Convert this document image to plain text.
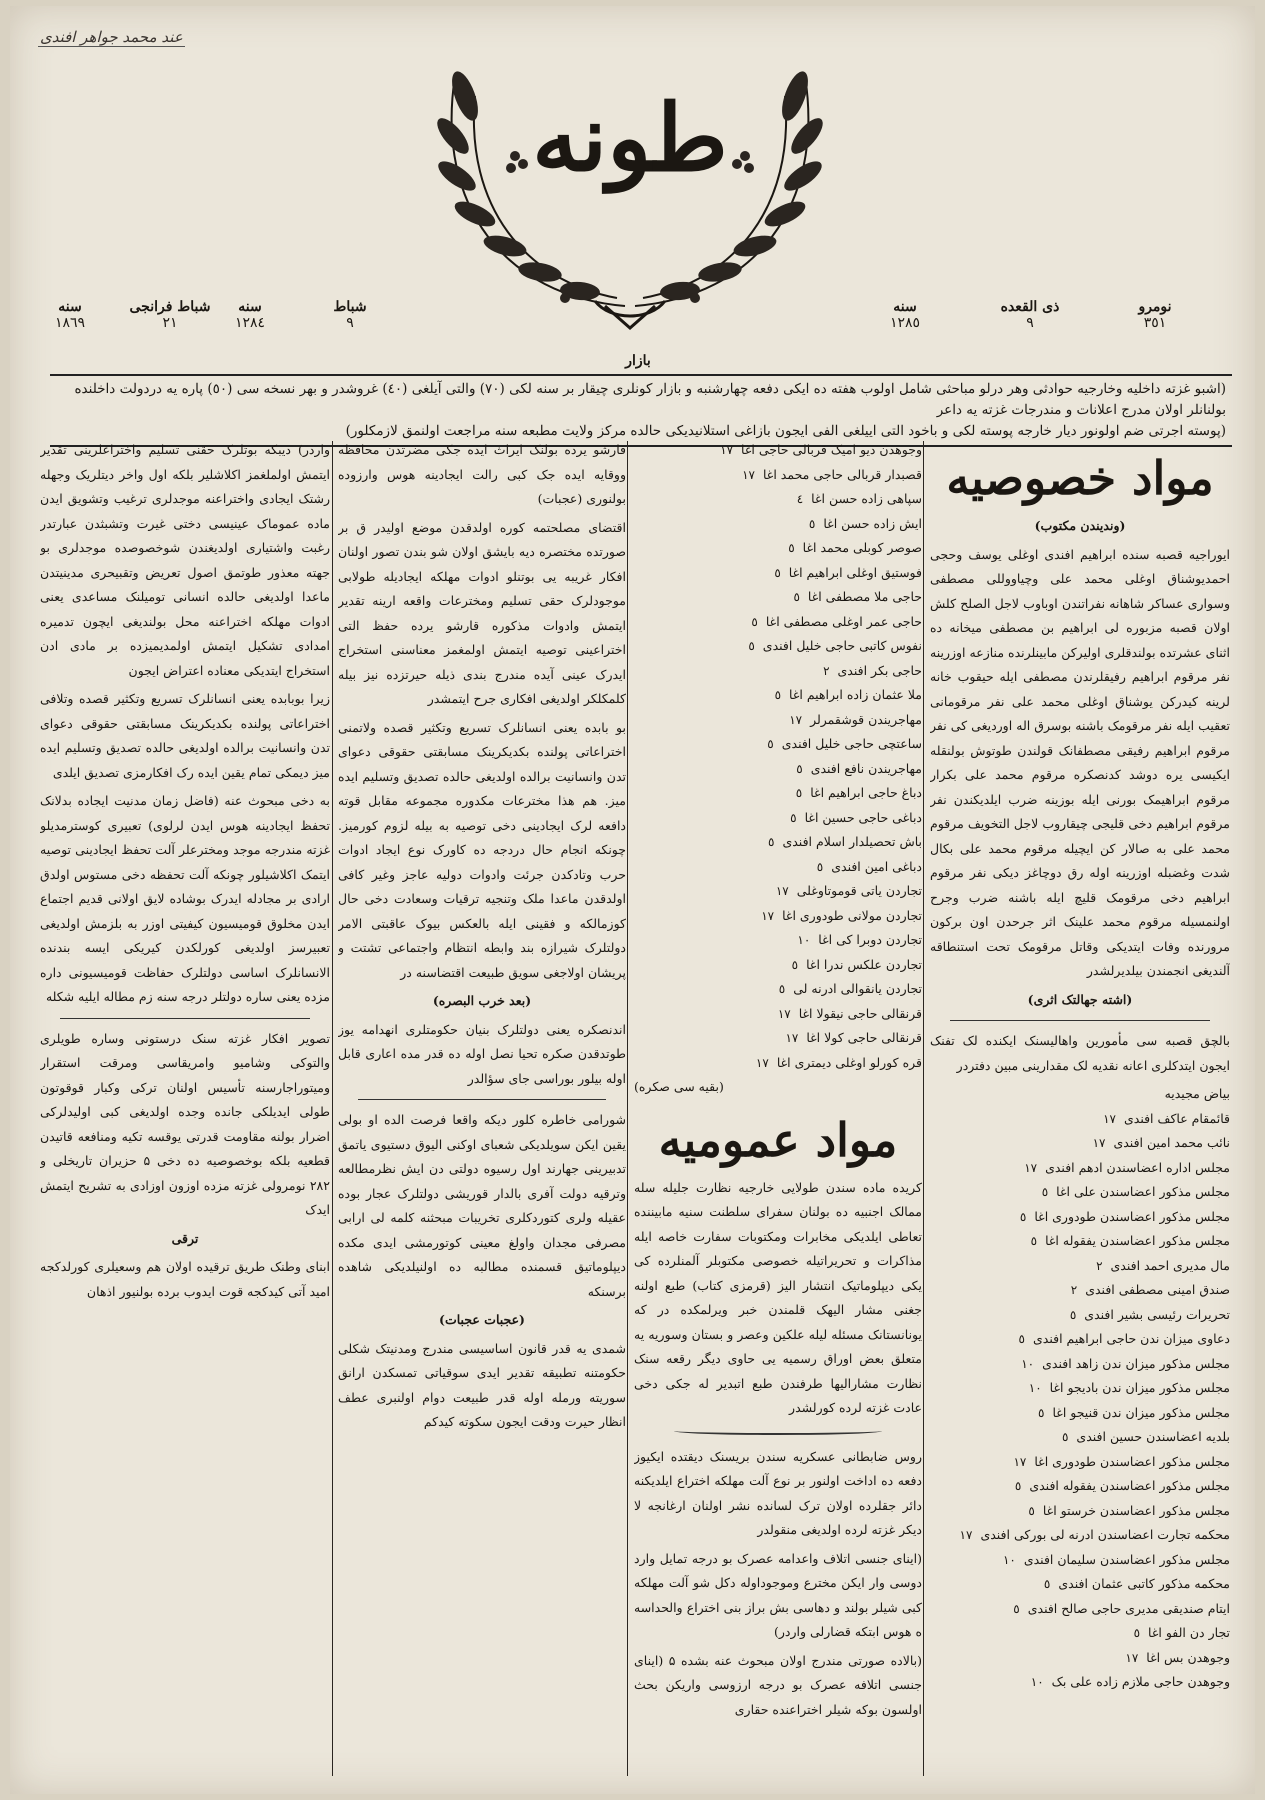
عند محمد جواهر افندی
طونه
نومرو
٣٥١
ذی القعده
٩
سنه
١٢٨٥
شباط
٩
سنه
١٢٨٤
شباط فرانجی
٢١
سنه
١٨٦٩
بازار
(اشبو غزته داخلیه وخارجیه حوادثی وهر درلو مباحثی شامل اولوب هفته ده ایکی دفعه چهارشنبه و بازار کونلری چیقار بر سنه لکی (٧٠) والتی آیلغی (٤٠) غروشدر و بهر نسخه سی (٥٠) پاره یه دردولت داخلنده بولنانلر اولان مدرج اعلانات و مندرجات غزته یه داعر
(پوسته اجرتی ضم اولونور دیار خارجه پوسته لکی و باخود التی اییلغی الفی ایجون بازاغی استلانیدیکی حالده مرکز ولایت مطبعه سنه مراجعت اولنمق لازمکلور)
مواد خصوصیه
(وندیندن مکتوب)

ایوراجیه قصبه سنده ابراهیم افندی اوغلی یوسف وحجی احمدیوشناق اوغلی محمد علی وچیاووللی مصطفی وسواری عساکر شاهانه نفراتندن اوباوب لاجل الصلح کلش اولان قصبه مزبوره لی ابراهیم بن مصطفی میخانه ده اثنای عشرتده بولندقلری اولیرکن مابینلرنده منازعه اوزرینه نفر مرقوم ابراهیم رفیقلرندن مصطفی ایله حیقوب خانه لرینه کیدرکن یوشناق اوغلی محمد علی نفر مرقومانی تعقیب ایله نفر مرقومک باشنه بوسرق اله اوردیغی کی نفر مرقوم ابراهیم رفیقی مصطفانک قولندن طوتوش بولنقله ایکیسی یره دوشد کدنصکره مرقوم محمد علی بکرار مرقوم ابراهیمک بورنی ایله بوزینه ضرب ایلدیکندن نفر مرقوم ابراهیم دخی قلیجی چیقاروب لاجل التخویف مرقوم محمد علی به صالار کن ایچیله مرقوم محمد علی بکال شدت وغضبله اوزرینه اوله رق دوچاغز دیکی نفر مرقوم ابراهیم دخی مرقومک قلیچ ایله باشنه ضرب وجرح اولنمسیله مرقوم محمد علینک اثر جرحدن اون برکون مرورنده وفات ایتدیکی وقاتل مرقومک تحت استنطاقه آلندیغی انجمندن بیلدیرلشدر

(اشته جهالتک اثری)

بالچق قصبه سی مأمورین واهالیسنک ایکنده لک تفنک ایجون ایتدکلری اعانه نقدیه لک مقدارینی مبین دفتردر

بیاض مجیدیه
قائمقام عاکف افندی
١٧
نائب محمد امین افندی
١٧
مجلس اداره اعضاسندن ادهم افندی
١٧
مجلس مذکور اعضاسندن علی اغا
٥
مجلس مذکور اعضاسندن طودوری اغا
٥
مجلس مذکور اعضاسندن یفقوله اغا
٥
مال مدیری احمد افندی
٢
صندق امینی مصطفی افندی
٢
تحریرات رئیسی بشیر افندی
٥
دعاوی میزان ندن حاجی ابراهیم افندی
٥
مجلس مذکور میزان ندن زاهد افندی
١٠
مجلس مذکور میزان ندن بادیجو اغا
١٠
مجلس مذکور میزان ندن قنیجو اغا
٥
بلدیه اعضاسندن حسین افندی
٥
مجلس مذکور اعضاسندن طودوری اغا
١٧
مجلس مذکور اعضاسندن یفقوله افندی
٥
مجلس مذکور اعضاسندن خرستو اغا
٥
محکمه تجارت اعضاسندن ادرنه لی بورکی افندی
١٧
مجلس مذکور اعضاسندن سلیمان افندی
١٠
محکمه مذکور کاتبی عثمان افندی
٥
ایتام صندیقی مدیری حاجی صالح افندی
٥
تجار دن الفو اغا
٥
وجوهدن بس اغا
١٧
وجوهدن حاجی ملازم زاده علی بک
١٠
وجوهدن دیو امیک قربالی حاجی اغا
١٧
قصبدار قربالی حاجی محمد اغا
١٧
سپاهی زاده حسن اغا
٤
ایش زاده حسن اغا
٥
صوصر کوبلی محمد اغا
٥
فوستیق اوغلی ابراهیم اغا
٥
حاجی ملا مصطفی اغا
٥
حاجی عمر اوغلی مصطفی اغا
٥
نفوس کاتبی حاجی خلیل افندی
٥
حاجی بکر افندی
٢
ملا عثمان زاده ابراهیم اغا
٥
مهاجریندن قوشقمرلر
١٧
ساعتچی حاجی خلیل افندی
٥
مهاجریندن نافع افندی
٥
دباغ حاجی ابراهیم اغا
٥
دباغی حاجی حسین اغا
٥
باش تحصیلدار اسلام افندی
٥
دباغی امین افندی
٥
تجاردن یاتی قوموتاوغلی
١٧
تجاردن مولانی طودوری اغا
١٧
تجاردن دوبرا کی اغا
١٠
تجاردن علکس ندرا اغا
٥
تجاردن یانقوالی ادرنه لی
٥
قرنقالی حاجی نیقولا اغا
١٧
قرنقالی حاجی کولا اغا
١٧
قره کورلو اوغلی دیمتری اغا
١٧
(بقیه سی صکره)
مواد عمومیه

کریده ماده سندن طولایی خارجیه نظارت جلیله سله ممالک اجنبیه ده بولنان سفرای سلطنت سنیه مابیننده تعاطی ایلدیکی مخابرات ومکتوبات سفارت خاصه ایله مذاکرات و تحریراتیله خصوصی مکتوبلر آلمنلرده کی یکی دیپلوماتیک انتشار الیز (قرمزی کتاب) طبع اولنه جغنی مشار الیهک قلمندن خبر ویرلمکده در که یونانستانک مسئله لیله علکین وعصر و بستان وسوریه یه متعلق بعض اوراق رسمیه یی حاوی دیگر رقعه سنک نظارت مشارالیها طرفندن طبع اتبدیر له جکی دخی عادت غزته لرده کورلشدر

روس ضابطانی عسکریه سندن بریسنک دیقتده ایکیوز دفعه ده اداخت اولنور بر نوع آلت مهلکه اختراع ایلدیکنه دائر جقلرده اولان ترک لسانده نشر اولنان ارغانجه لا دیکر غزته لرده اولدیغی منقولدر

(اینای جنسی اتلاف واعدامه عصرک بو درجه تمایل وارد دوسی وار ایکن مخترع وموجوداوله دکل شو آلت مهلکه کبی شیلر بولند و دهاسی بش براز بنی اختراع والحداسه ه هوس ابتکه قضارلی واردر)

(بالاده صورتی مندرج اولان مبحوث عنه بشده ۵ (اینای جنسی اتلافه عصرک بو درجه ارزوسی واریکن بحث اولسون بوکه شیلر اختراعنده حقاری

قارشو یرده بولنک ایراث ایده جکی مضرتدن محافظه ووقایه ایده جک کبی رالت ایجادینه هوس وارزوده بولنوری (عجبات)

اقتضای مصلحتمه کوره اولدقدن موضع اولیدر ق بر صورتده مختصره دیه بایشق اولان شو بندن تصور اولنان افکار غریبه یی بوتنلو ادوات مهلکه ایجادیله طولابی موجودلرک حقی تسلیم ومخترعات واقعه ارینه تقدیر ایتمش وادوات مذکوره قارشو یرده حفظ التی اختراعینی توصیه ایتمش اولمغمز معناسنی استخراج ایدرک عینی آیده مندرج بندی ذیله حیرتزده نیز بیله کلمکلکر اولدیغی افکاری جرح ایتمشدر

بو بابده یعنی انسانلرک تسریع وتکثیر قصده ولاتمنی اختراعاتی پولنده بکدیکرینک مسابقتی حقوقی دعوای تدن وانسانیت برالده اولدیغی حالده تصدیق وتسلیم ایده میز. هم هذا مخترعات مکدوره مجموعه مقابل قوته دافعه لرک ایجادینی دخی توصیه به بیله لزوم کورمیز. چونکه انجام حال دردجه ده کاورک نوع ایجاد ادوات حرب وتادکدن جرئت وادوات دولیه عاجز وغیر کافی اولدقدن ماعدا ملک وتنجیه ترقیات وسعادت دخی حال کوزمالکه و فقینی ایله بالعکس بیوک عاقبتی الامر دولتلرک شیرازه بند وابطه انتظام واجتماعی تشتت و پریشان اولاجغی سویق طبیعت اقتضاسنه در

(بعد خرب البصره)

اندنصکره یعنی دولتلرک بنیان حکومتلری انهدامه یوز طوتدقدن صکره تحیا نصل اوله ده قدر مده اعاری قابل اوله بیلور بوراسی جای سؤالدر

شورامی خاطره کلور دیکه واقعا فرصت الده او بولی یقین ایکن سویلدیکی شعبای اوکنی الیوق دستیوی یاتمق تدبیرینی جهارند اول رسیوه دولتی دن ایش نظرمطالعه وترقیه دولت آفری بالدار قوریشی دولتلرک عجار بوده عقیله ولری کتوردکلری تخریبات مبحثنه کلمه لی ارابی مصرفی مجدان واولغ معینی کوتورمشی ایدی مکده دیپلوماتیق قسمنده مطالبه ده اولنیلدیکی شاهده برسنکه

(عجبات عجبات)

شمدی یه قدر قانون اساسیسی مندرج ومدنیتک شکلی حکومتنه تطبیقه تقدیر ایدی سوقیاتی تمسکدن ارانق سوریته ورمله اوله قدر طبیعت دوام اولنبری عطف انظار حیرت ودقت ایجون سکوته کیدکم

واردر) دیبکه بوتلرک حقنی تسلیم واختراعلرینی تقدیر ایتمش اولملغمز اکلاشلیر بلکه اول واخر دیتلریک وجهله رشتک ایجادی واختراعنه موجدلری ترغیب وتشویق ایدن ماده عموماک عینیسی دختی غیرت وتشبثدن عبارتدر رغبت واشتیاری اولدیغندن شوخصوصده موجدلری بو جهته معذور طوتمق اصول تعریض وتقبیحری مدینیتدن ماعدا اولدیغی حالده انسانی تومیلنک مساعدی یعنی ادوات مهلکه اختراعنه محل بولندیغی ایچون تدمیره امدادی تشکیل ایتمش اولمدیمیزده بر مادی ادن استخراج ایتدیکی معناده اعتراض ایجون

زیرا بوبابده یعنی انسانلرک تسریع وتکثیر قصده وتلافی اختراعاتی پولنده بکدیکرینک مسابقتی حقوقی دعوای تدن وانسانیت برالده اولدیغی حالده تصدیق وتسلیم ایده میز دیمکی تمام یقین ایده رک افکارمزی تصدیق ایلدی

به دخی مبحوث عنه (فاضل زمان مدنیت ایجاده بدلانک تحفظ ایجادینه هوس ایدن لرلوی) تعبیری کوسترمدیلو غزته مندرجه موجد ومخترعلر آلت تحفظ ایجادینی توصیه ایتمک اکلاشیلور چونکه آلت تحفظه دخی مستوس اولدق ارادی بر مجادله ایدرک بوشاده لایق اولانی قدیم اجتماع ایدن مخلوق قومیسیون کیفیتی اوزر به بلزمش اولدیغی تعبیرسز اولدیغی کورلکدن کیریکی ایسه بندنده الانسانلرک اساسی دولتلرک حفاظت قومیسیونی داره مزده یعنی ساره دولتلر درجه سنه زم مطاله ایلیه شکله

تصویر افکار غزته سنک درستونی وساره طویلری والتوکی وشامیو وامریقاسی ومرقت استقرار ومیتوراجارسنه تأسیس اولنان ترکی وکبار قوقوتون طولی ایدیلکی جانده وجده اولدیغی کبی اولیدلرکی اضرار بولنه مقاومت قدرتی یوقسه تکیه ومنافعه قاتیدن قطعیه بلکه بوخصوصیه ده دخی ۵ حزیران تاریخلی و ٢٨٢ نومرولی غزته مزده اوزون اوزادی به تشریح ایتمش ایدک

ترقی

ابنای وطنک طریق ترقیده اولان هم وسعیلری کورلدکجه امید آتی کیدکجه قوت ایدوب برده بولنیور اذهان
